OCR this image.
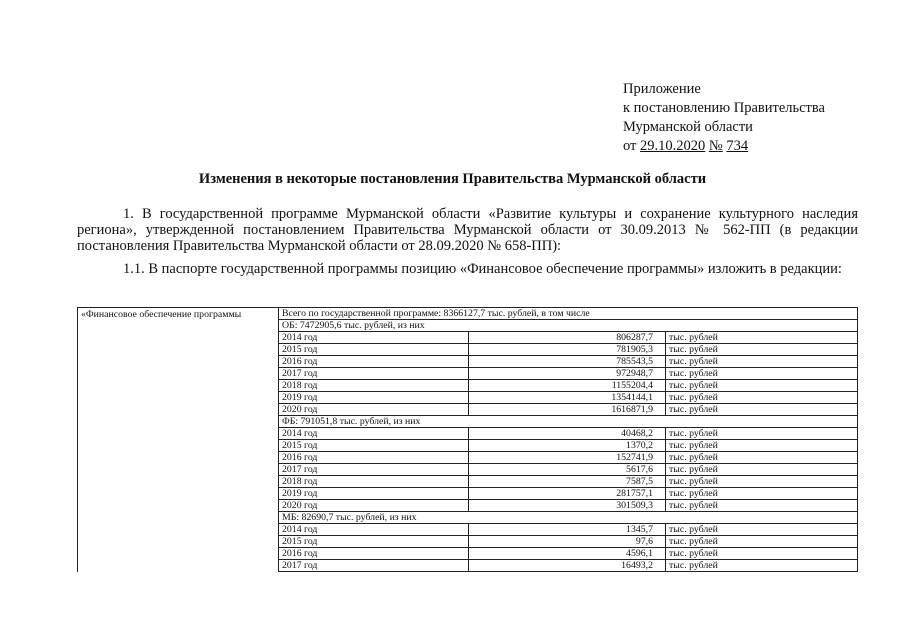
Приложение
к постановлению Правительства
Мурманской области
от 29.10.2020 № 734
Изменения в некоторые постановления Правительства Мурманской области
1. В государственной программе Мурманской области «Развитие культуры и сохранение культурного наследия региона», утвержденной постановлением Правительства Мурманской области от 30.09.2013 № 562-ПП (в редакции постановления Правительства Мурманской области от 28.09.2020 № 658-ПП):
1.1. В паспорте государственной программы позицию «Финансовое обеспечение программы» изложить в редакции:
«Финансовое обеспечение программы	Всего по государственной программе: 8366127,7 тыс. рублей, в том числе		
	ОБ: 7472905,6 тыс. рублей, из них		
	2014 год	806287,7	тыс. рублей
	2015 год	781905,3	тыс. рублей
	2016 год	785543,5	тыс. рублей
	2017 год	972948,7	тыс. рублей
	2018 год	1155204,4	тыс. рублей
	2019 год	1354144,1	тыс. рублей
	2020 год	1616871,9	тыс. рублей
	ФБ: 791051,8 тыс. рублей, из них		
	2014 год	40468,2	тыс. рублей
	2015 год	1370,2	тыс. рублей
	2016 год	152741,9	тыс. рублей
	2017 год	5617,6	тыс. рублей
	2018 год	7587,5	тыс. рублей
	2019 год	281757,1	тыс. рублей
	2020 год	301509,3	тыс. рублей
	МБ: 82690,7 тыс. рублей, из них		
	2014 год	1345,7	тыс. рублей
	2015 год	97,6	тыс. рублей
	2016 год	4596,1	тыс. рублей
	2017 год	16493,2	тыс. рублей
